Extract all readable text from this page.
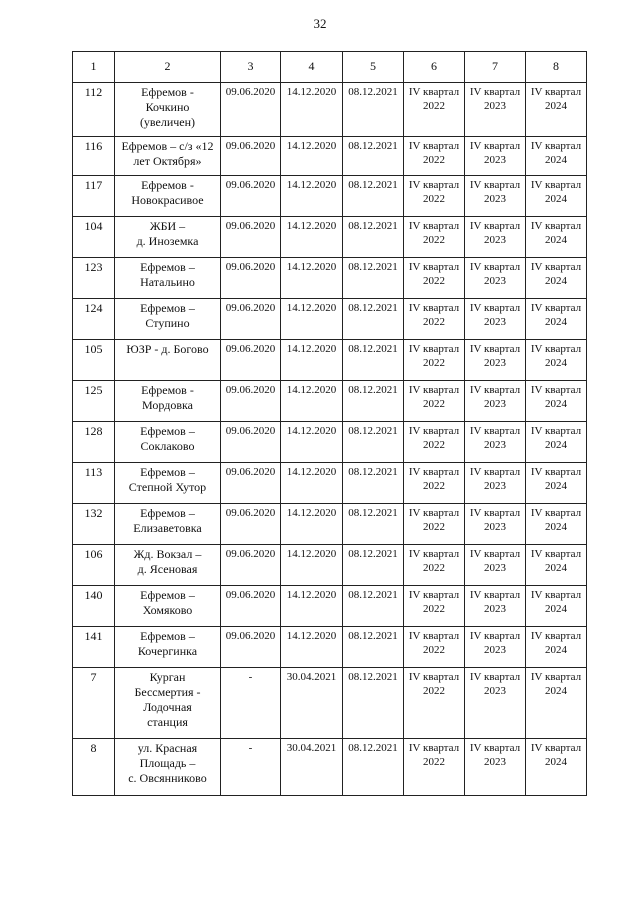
32
1	2	3	4	5	6	7	8
112	Ефремов -
Кочкино
(увеличен)	09.06.2020	14.12.2020	08.12.2021	IV квартал
2022	IV квартал
2023	IV квартал
2024

116	Ефремов – с/з «12
лет Октября»	09.06.2020	14.12.2020	08.12.2021	IV квартал
2022	IV квартал
2023	IV квартал
2024

117	Ефремов -
Новокрасивое	09.06.2020	14.12.2020	08.12.2021	IV квартал
2022	IV квартал
2023	IV квартал
2024

104	ЖБИ –
д. Иноземка	09.06.2020	14.12.2020	08.12.2021	IV квартал
2022	IV квартал
2023	IV квартал
2024

123	Ефремов –
Натальино	09.06.2020	14.12.2020	08.12.2021	IV квартал
2022	IV квартал
2023	IV квартал
2024

124	Ефремов –
Ступино	09.06.2020	14.12.2020	08.12.2021	IV квартал
2022	IV квартал
2023	IV квартал
2024

105	ЮЗР - д. Богово	09.06.2020	14.12.2020	08.12.2021	IV квартал
2022	IV квартал
2023	IV квартал
2024

125	Ефремов -
Мордовка	09.06.2020	14.12.2020	08.12.2021	IV квартал
2022	IV квартал
2023	IV квартал
2024

128	Ефремов –
Соклаково	09.06.2020	14.12.2020	08.12.2021	IV квартал
2022	IV квартал
2023	IV квартал
2024

113	Ефремов –
Степной Хутор	09.06.2020	14.12.2020	08.12.2021	IV квартал
2022	IV квартал
2023	IV квартал
2024

132	Ефремов –
Елизаветовка	09.06.2020	14.12.2020	08.12.2021	IV квартал
2022	IV квартал
2023	IV квартал
2024

106	Жд. Вокзал –
д. Ясеновая	09.06.2020	14.12.2020	08.12.2021	IV квартал
2022	IV квартал
2023	IV квартал
2024

140	Ефремов –
Хомяково	09.06.2020	14.12.2020	08.12.2021	IV квартал
2022	IV квартал
2023	IV квартал
2024

141	Ефремов –
Кочергинка	09.06.2020	14.12.2020	08.12.2021	IV квартал
2022	IV квартал
2023	IV квартал
2024

7	Курган
Бессмертия -
Лодочная
станция	-	30.04.2021	08.12.2021	IV квартал
2022	IV квартал
2023	IV квартал
2024

8	ул. Красная
Площадь –
с. Овсянниково	-	30.04.2021	08.12.2021	IV квартал
2022	IV квартал
2023	IV квартал
2024
